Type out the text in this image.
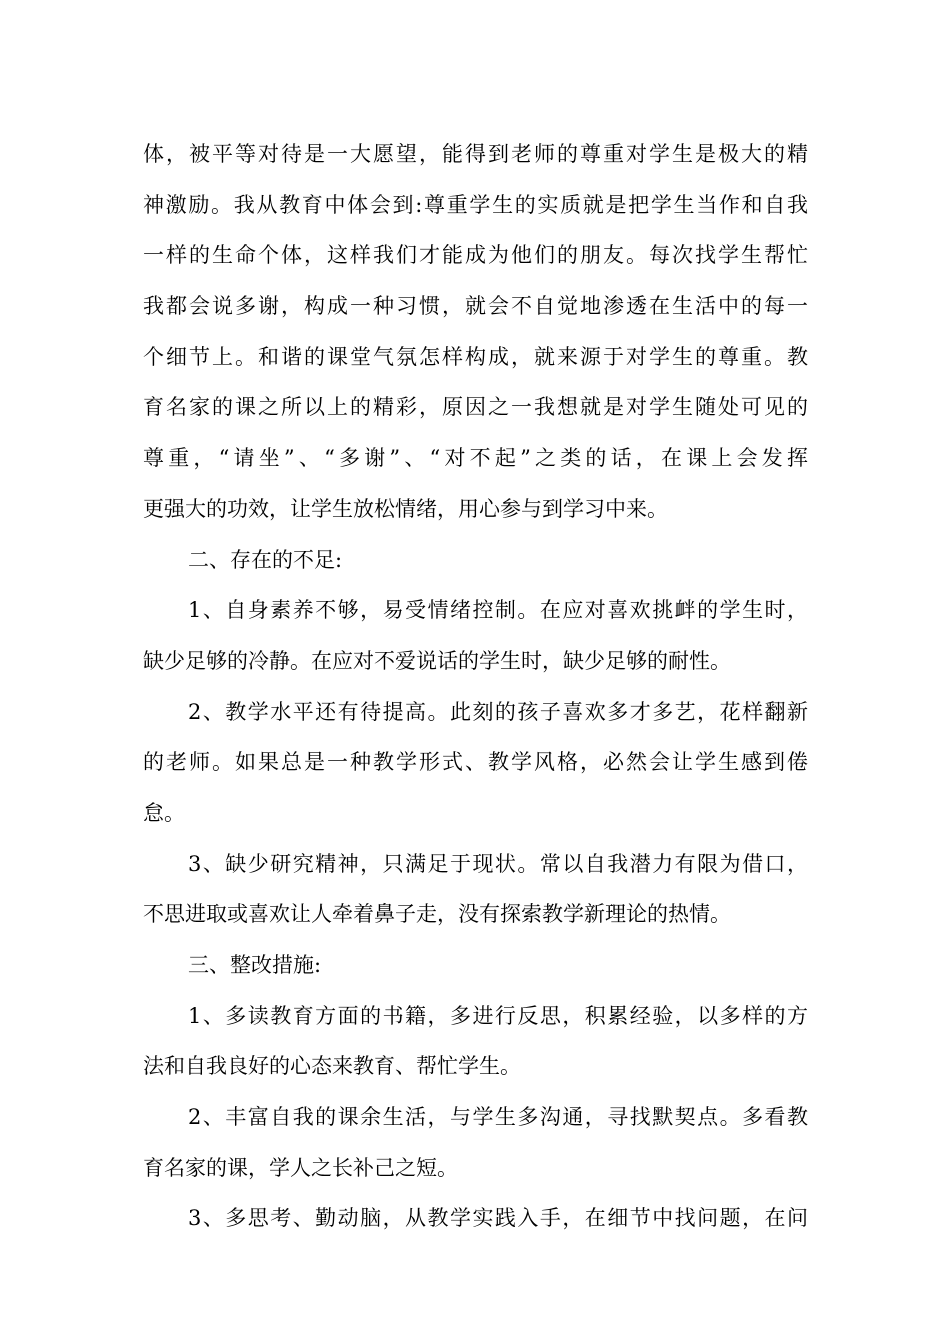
体，被平等对待是一大愿望，能得到老师的尊重对学生是极大的精
神激励。我从教育中体会到:尊重学生的实质就是把学生当作和自我
一样的生命个体，这样我们才能成为他们的朋友。每次找学生帮忙
我都会说多谢，构成一种习惯，就会不自觉地渗透在生活中的每一
个细节上。和谐的课堂气氛怎样构成，就来源于对学生的尊重。教
育名家的课之所以上的精彩，原因之一我想就是对学生随处可见的
尊重，“请坐”、“多谢”、“对不起”之类的话，在课上会发挥
更强大的功效，让学生放松情绪，用心参与到学习中来。
二、存在的不足:
1、自身素养不够，易受情绪控制。在应对喜欢挑衅的学生时，
缺少足够的冷静。在应对不爱说话的学生时，缺少足够的耐性。
2、教学水平还有待提高。此刻的孩子喜欢多才多艺，花样翻新
的老师。如果总是一种教学形式、教学风格，必然会让学生感到倦
怠。
3、缺少研究精神，只满足于现状。常以自我潜力有限为借口，
不思进取或喜欢让人牵着鼻子走，没有探索教学新理论的热情。
三、整改措施:
1、多读教育方面的书籍，多进行反思，积累经验，以多样的方
法和自我良好的心态来教育、帮忙学生。
2、丰富自我的课余生活，与学生多沟通，寻找默契点。多看教
育名家的课，学人之长补己之短。
3、多思考、勤动脑，从教学实践入手，在细节中找问题，在问
